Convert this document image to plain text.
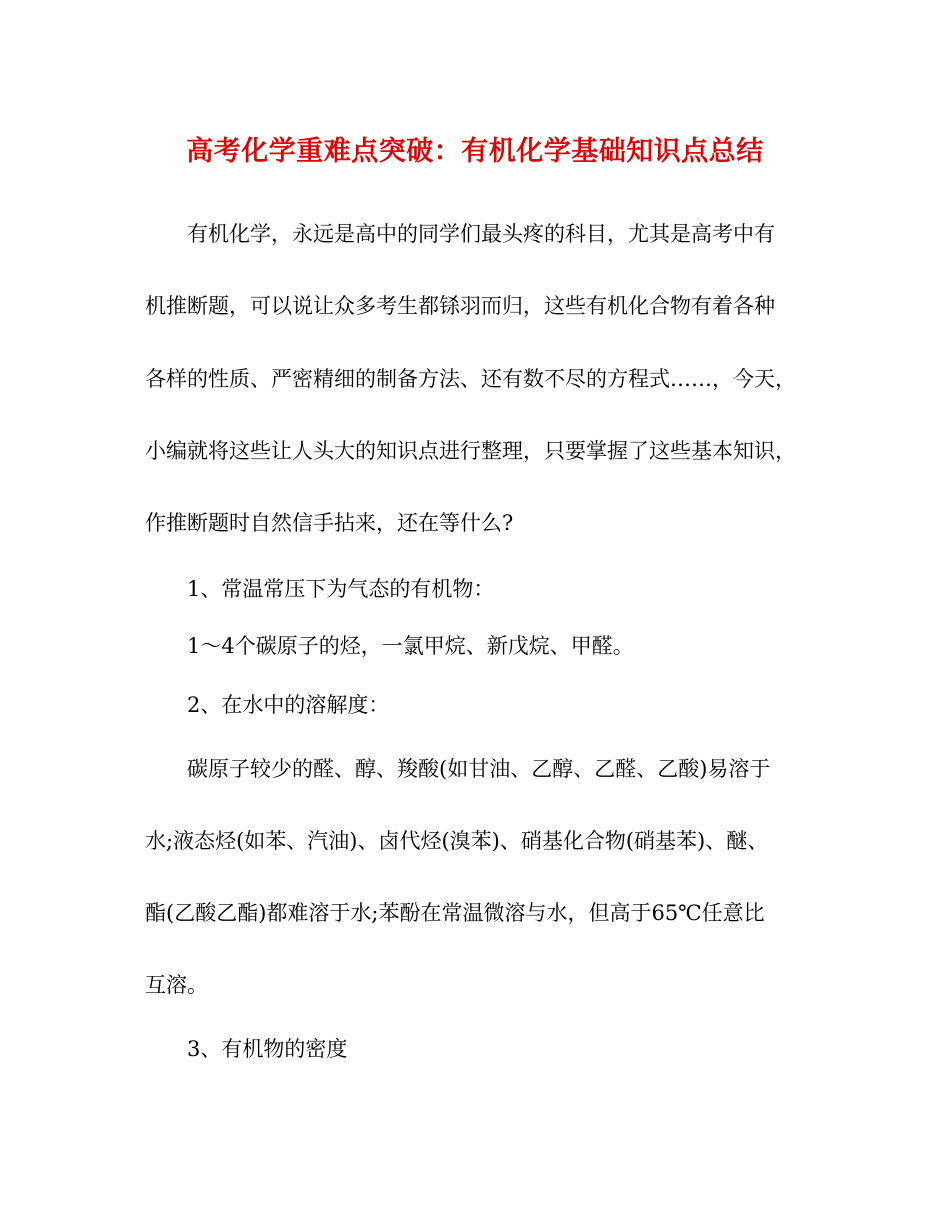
高考化学重难点突破：有机化学基础知识点总结

有机化学，永远是高中的同学们最头疼的科目，尤其是高考中有

机推断题，可以说让众多考生都铩羽而归，这些有机化合物有着各种

各样的性质、严密精细的制备方法、还有数不尽的方程式……，今天，

小编就将这些让人头大的知识点进行整理，只要掌握了这些基本知识，

作推断题时自然信手拈来，还在等什么?

1、常温常压下为气态的有机物：

1～4个碳原子的烃，一氯甲烷、新戊烷、甲醛。

2、在水中的溶解度：

碳原子较少的醛、醇、羧酸(如甘油、乙醇、乙醛、乙酸)易溶于

水;液态烃(如苯、汽油)、卤代烃(溴苯)、硝基化合物(硝基苯)、醚、

酯(乙酸乙酯)都难溶于水;苯酚在常温微溶与水，但高于65℃任意比

互溶。

3、有机物的密度
